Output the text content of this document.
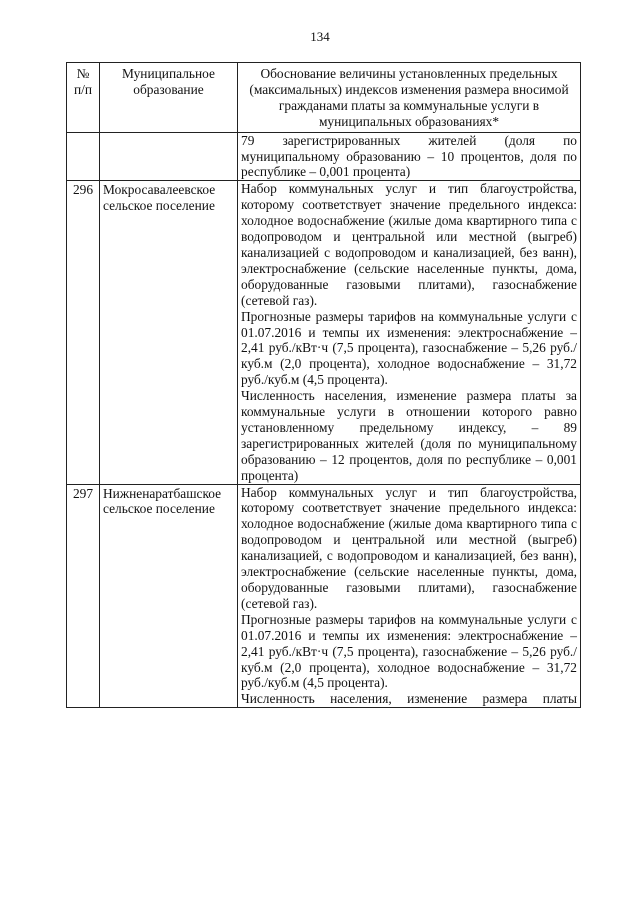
134
№
п/п	Муниципальное образование	Обоснование величины установленных предельных (максимальных) индексов изменения размера вносимой гражданами платы за коммунальные услуги в муниципальных образованиях*

		79 зарегистрированных жителей (доля по муниципальному образованию – 10 процентов, доля по республике – 0,001 процента)

296	Мокросавалеевское сельское поселение	Набор коммунальных услуг и тип благоустройства, которому соответствует значение предельного индекса: холодное водоснабжение (жилые дома квартирного типа с водопроводом и центральной или местной (выгреб) канализацией с водопроводом и канализацией, без ванн), электроснабжение (сельские населенные пункты, дома, оборудованные газовыми плитами), газоснабжение (сетевой газ).

Прогнозные размеры тарифов на коммунальные услуги с 01.07.2016 и темпы их изменения: электроснабжение – 2,41 руб./кВт·ч (7,5 процента), газоснабжение – 5,26 руб./куб.м (2,0 процента), холодное водоснабжение – 31,72 руб./куб.м (4,5 процента).

Численность населения, изменение размера платы за коммунальные услуги в отношении которого равно установленному предельному индексу, – 89 зарегистрированных жителей (доля по муниципальному образованию – 12 процентов, доля по республике – 0,001 процента)

297	Нижненаратбашское сельское поселение	Набор коммунальных услуг и тип благоустройства, которому соответствует значение предельного индекса: холодное водоснабжение (жилые дома квартирного типа с водопроводом и центральной или местной (выгреб) канализацией, с водопроводом и канализацией, без ванн), электроснабжение (сельские населенные пункты, дома, оборудованные газовыми плитами), газоснабжение (сетевой газ).

Прогнозные размеры тарифов на коммунальные услуги с 01.07.2016 и темпы их изменения: электроснабжение – 2,41 руб./кВт·ч (7,5 процента), газоснабжение – 5,26 руб./куб.м (2,0 процента), холодное водоснабжение – 31,72 руб./куб.м (4,5 процента).

Численность населения, изменение размера платы
